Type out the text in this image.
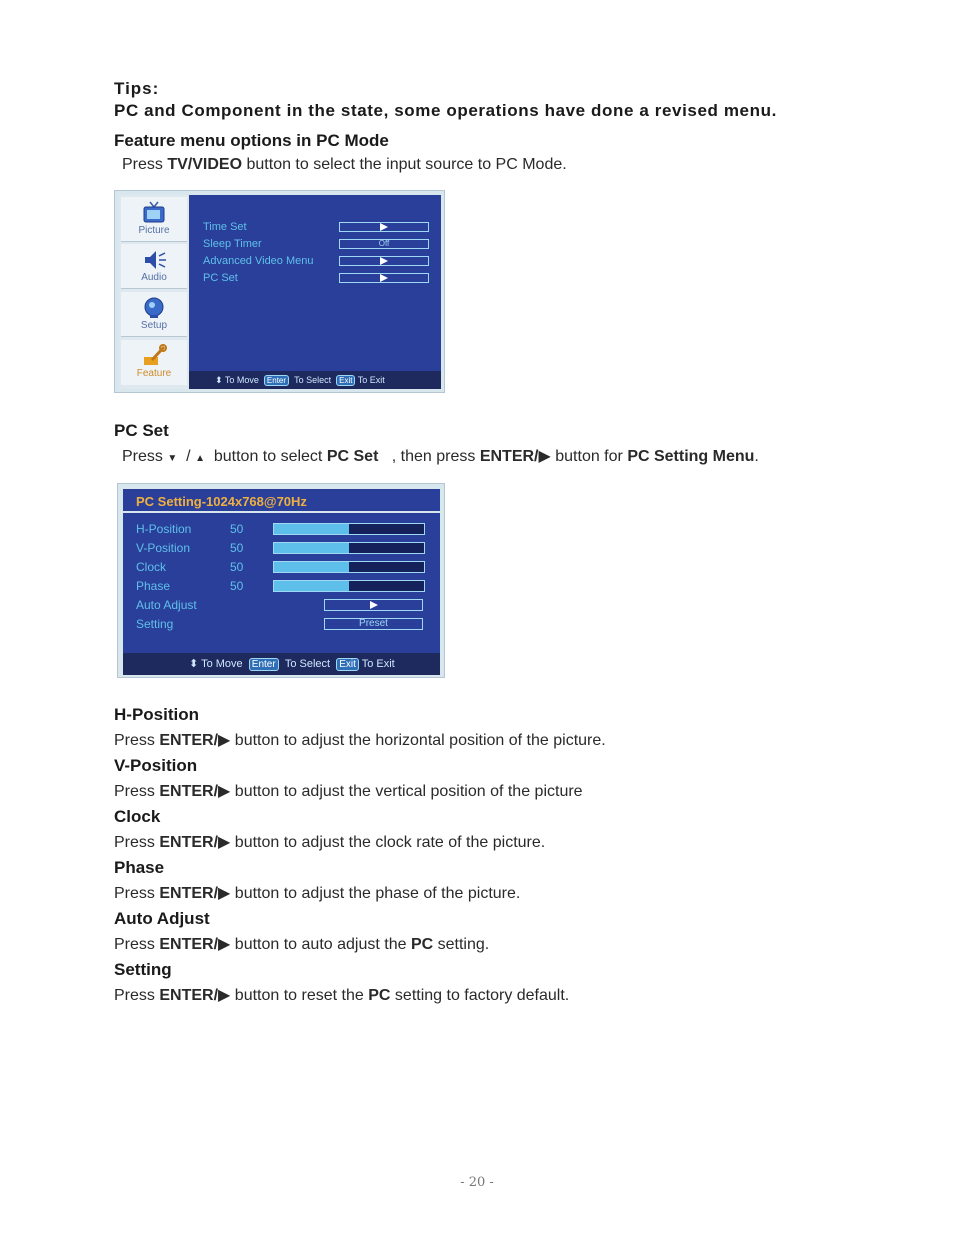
Tips:
PC and Component in the state, some operations have done a revised menu.
Feature menu options in PC Mode
Press TV/VIDEO button to select the input source to PC Mode.
Picture
Audio
Setup
Feature
Time Set
Sleep Timer	Off
Advanced Video Menu
PC Set
⬍ To Move Enter To Select Exit To Exit
PC Set
Press ▼ / ▲ button to select PC Set , then press ENTER/▶ button for PC Setting Menu.
PC Setting-1024x768@70Hz
H-Position	50
V-Position	50
Clock	50
Phase	50
Auto Adjust
Setting	Preset
⬍ To Move Enter To Select Exit To Exit
H-Position
Press ENTER/▶ button to adjust the horizontal position of the picture.
V-Position
Press ENTER/▶ button to adjust the vertical position of the picture
Clock
Press ENTER/▶ button to adjust the clock rate of the picture.
Phase
Press ENTER/▶ button to adjust the phase of the picture.
Auto Adjust
Press ENTER/▶ button to auto adjust the PC setting.
Setting
Press ENTER/▶ button to reset the PC setting to factory default.
- 20 -
